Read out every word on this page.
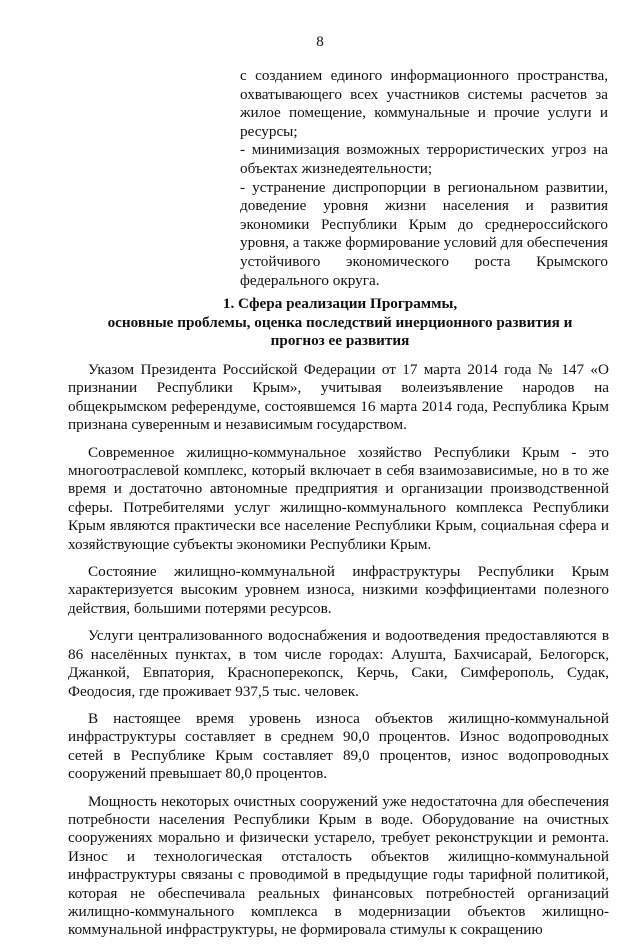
8

с созданием единого информационного пространства, охватывающего всех участников системы расчетов за жилое помещение, коммунальные и прочие услуги и ресурсы;

- минимизация возможных террористических угроз на объектах жизнедеятельности;

- устранение диспропорции в региональном развитии, доведение уровня жизни населения и развития экономики Республики Крым до среднероссийского уровня, а также формирование условий для обеспечения устойчивого экономического роста Крымского федерального округа.

1. Сфера реализации Программы,
основные проблемы, оценка последствий инерционного развития и
прогноз ее развития

Указом Президента Российской Федерации от 17 марта 2014 года № 147 «О признании Республики Крым», учитывая волеизъявление народов на общекрымском референдуме, состоявшемся 16 марта 2014 года, Республика Крым признана суверенным и независимым государством.

Современное жилищно-коммунальное хозяйство Республики Крым - это многоотраслевой комплекс, который включает в себя взаимозависимые, но в то же время и достаточно автономные предприятия и организации производственной сферы. Потребителями услуг жилищно-коммунального комплекса Республики Крым являются практически все население Республики Крым, социальная сфера и хозяйствующие субъекты экономики Республики Крым.

Состояние жилищно-коммунальной инфраструктуры Республики Крым характеризуется высоким уровнем износа, низкими коэффициентами полезного действия, большими потерями ресурсов.

Услуги централизованного водоснабжения и водоотведения предоставляются в 86 населённых пунктах, в том числе городах: Алушта, Бахчисарай, Белогорск, Джанкой, Евпатория, Красноперекопск, Керчь, Саки, Симферополь, Судак, Феодосия, где проживает 937,5 тыс. человек.

В настоящее время уровень износа объектов жилищно-коммунальной инфраструктуры составляет в среднем 90,0 процентов. Износ водопроводных сетей в Республике Крым составляет 89,0 процентов, износ водопроводных сооружений превышает 80,0 процентов.

Мощность некоторых очистных сооружений уже недостаточна для обеспечения потребности населения Республики Крым в воде. Оборудование на очистных сооружениях морально и физически устарело, требует реконструкции и ремонта. Износ и технологическая отсталость объектов жилищно-коммунальной инфраструктуры связаны с проводимой в предыдущие годы тарифной политикой, которая не обеспечивала реальных финансовых потребностей организаций жилищно-коммунального комплекса в модернизации объектов жилищно-коммунальной инфраструктуры, не формировала стимулы к сокращению
